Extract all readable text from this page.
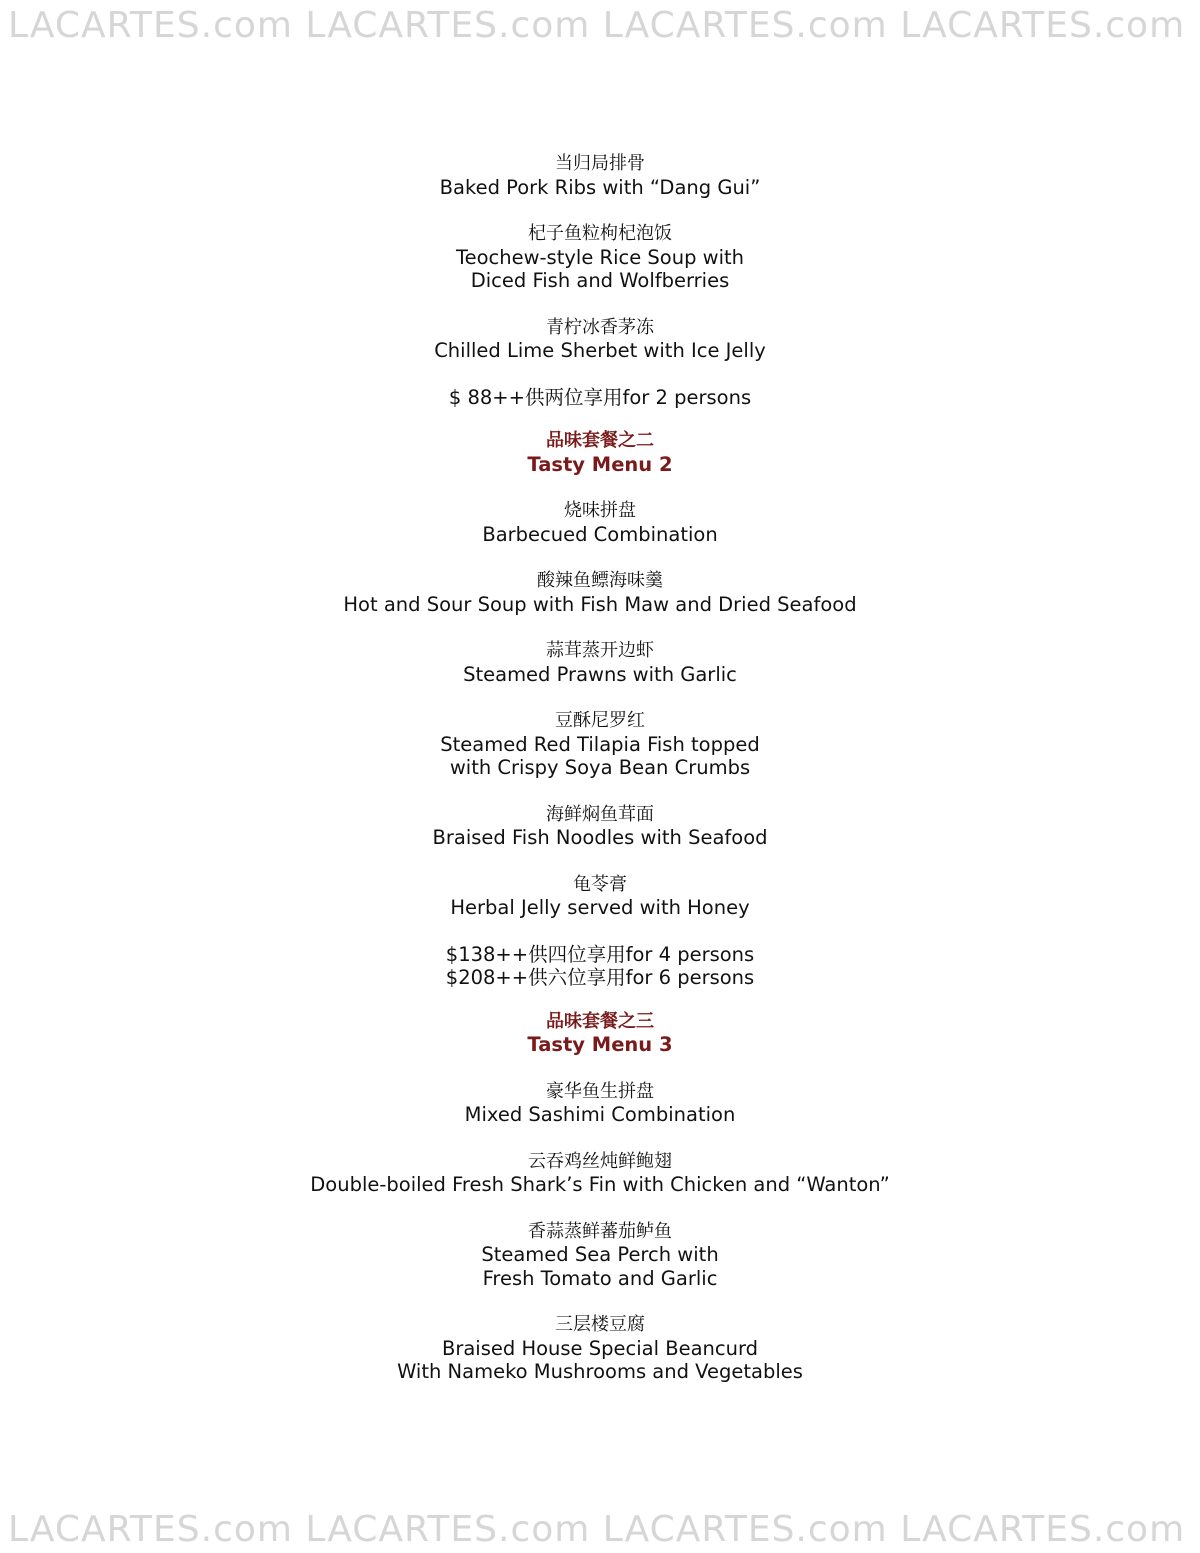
LACARTES.com LACARTES.com LACARTES.com LACARTES.com
当归局排骨
Baked Pork Ribs with “Dang Gui”
杞子鱼粒枸杞泡饭
Teochew-style Rice Soup with
Diced Fish and Wolfberries
青柠冰香茅冻
Chilled Lime Sherbet with Ice Jelly
$ 88++供两位享用for 2 persons
品味套餐之二
Tasty Menu 2
烧味拼盘
Barbecued Combination
酸辣鱼鳔海味羹
Hot and Sour Soup with Fish Maw and Dried Seafood
蒜茸蒸开边虾
Steamed Prawns with Garlic
豆酥尼罗红
Steamed Red Tilapia Fish topped
with Crispy Soya Bean Crumbs
海鲜焖鱼茸面
Braised Fish Noodles with Seafood
龟苓膏
Herbal Jelly served with Honey
$138++供四位享用for 4 persons
$208++供六位享用for 6 persons
品味套餐之三
Tasty Menu 3
豪华鱼生拼盘
Mixed Sashimi Combination
云吞鸡丝炖鲜鲍翅
Double-boiled Fresh Shark’s Fin with Chicken and “Wanton”
香蒜蒸鲜蕃茄鲈鱼
Steamed Sea Perch with
Fresh Tomato and Garlic
三层楼豆腐
Braised House Special Beancurd
With Nameko Mushrooms and Vegetables
LACARTES.com LACARTES.com LACARTES.com LACARTES.com
